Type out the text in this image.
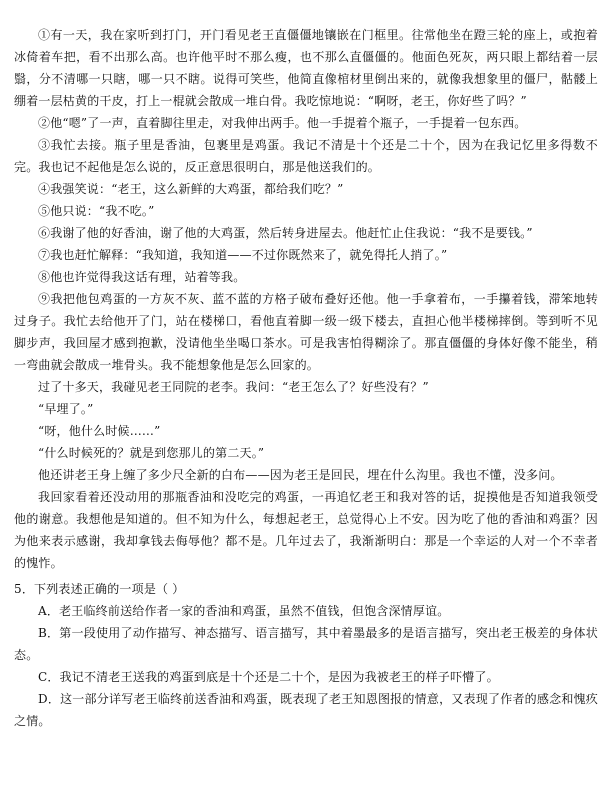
①有一天，我在家听到打门，开门看见老王直僵僵地镶嵌在门框里。往常他坐在蹬三轮的座上，或抱着冰倚着车把，看不出那么高。也许他平时不那么瘦，也不那么直僵僵的。他面色死灰，两只眼上都结着一层翳，分不清哪一只瞎，哪一只不瞎。说得可笑些，他简直像棺材里倒出来的，就像我想象里的僵尸，骷髅上绷着一层枯黄的干皮，打上一棍就会散成一堆白骨。我吃惊地说：“啊呀，老王，你好些了吗？”

②他“嗯”了一声，直着脚往里走，对我伸出两手。他一手提着个瓶子，一手提着一包东西。

③我忙去接。瓶子里是香油，包裹里是鸡蛋。我记不清是十个还是二十个，因为在我记忆里多得数不完。我也记不起他是怎么说的，反正意思很明白，那是他送我们的。

④我强笑说：“老王，这么新鲜的大鸡蛋，都给我们吃？”

⑤他只说：“我不吃。”

⑥我谢了他的好香油，谢了他的大鸡蛋，然后转身进屋去。他赶忙止住我说：“我不是要钱。”

⑦我也赶忙解释：“我知道，我知道——不过你既然来了，就免得托人捎了。”

⑧他也许觉得我这话有理，站着等我。

⑨我把他包鸡蛋的一方灰不灰、蓝不蓝的方格子破布叠好还他。他一手拿着布，一手攥着钱，滞笨地转过身子。我忙去给他开了门，站在楼梯口，看他直着脚一级一级下楼去，直担心他半楼梯摔倒。等到听不见脚步声，我回屋才感到抱歉，没请他坐坐喝口茶水。可是我害怕得糊涂了。那直僵僵的身体好像不能坐，稍一弯曲就会散成一堆骨头。我不能想象他是怎么回家的。

过了十多天，我碰见老王同院的老李。我问：“老王怎么了？好些没有？”

“早埋了。”

“呀，他什么时候……”

“什么时候死的？就是到您那儿的第二天。”

他还讲老王身上缠了多少尺全新的白布——因为老王是回民，埋在什么沟里。我也不懂，没多问。

我回家看着还没动用的那瓶香油和没吃完的鸡蛋，一再追忆老王和我对答的话，捉摸他是否知道我领受他的谢意。我想他是知道的。但不知为什么，每想起老王，总觉得心上不安。因为吃了他的香油和鸡蛋？因为他来表示感谢，我却拿钱去侮辱他？都不是。几年过去了，我渐渐明白：那是一个幸运的人对一个不幸者的愧怍。

5．下列表述正确的一项是（ ）

A．老王临终前送给作者一家的香油和鸡蛋，虽然不值钱，但饱含深情厚谊。

B．第一段使用了动作描写、神态描写、语言描写，其中着墨最多的是语言描写，突出老王极差的身体状态。

C．我记不清老王送我的鸡蛋到底是十个还是二十个，是因为我被老王的样子吓懵了。

D．这一部分详写老王临终前送香油和鸡蛋，既表现了老王知恩图报的情意，又表现了作者的感念和愧疚之情。
